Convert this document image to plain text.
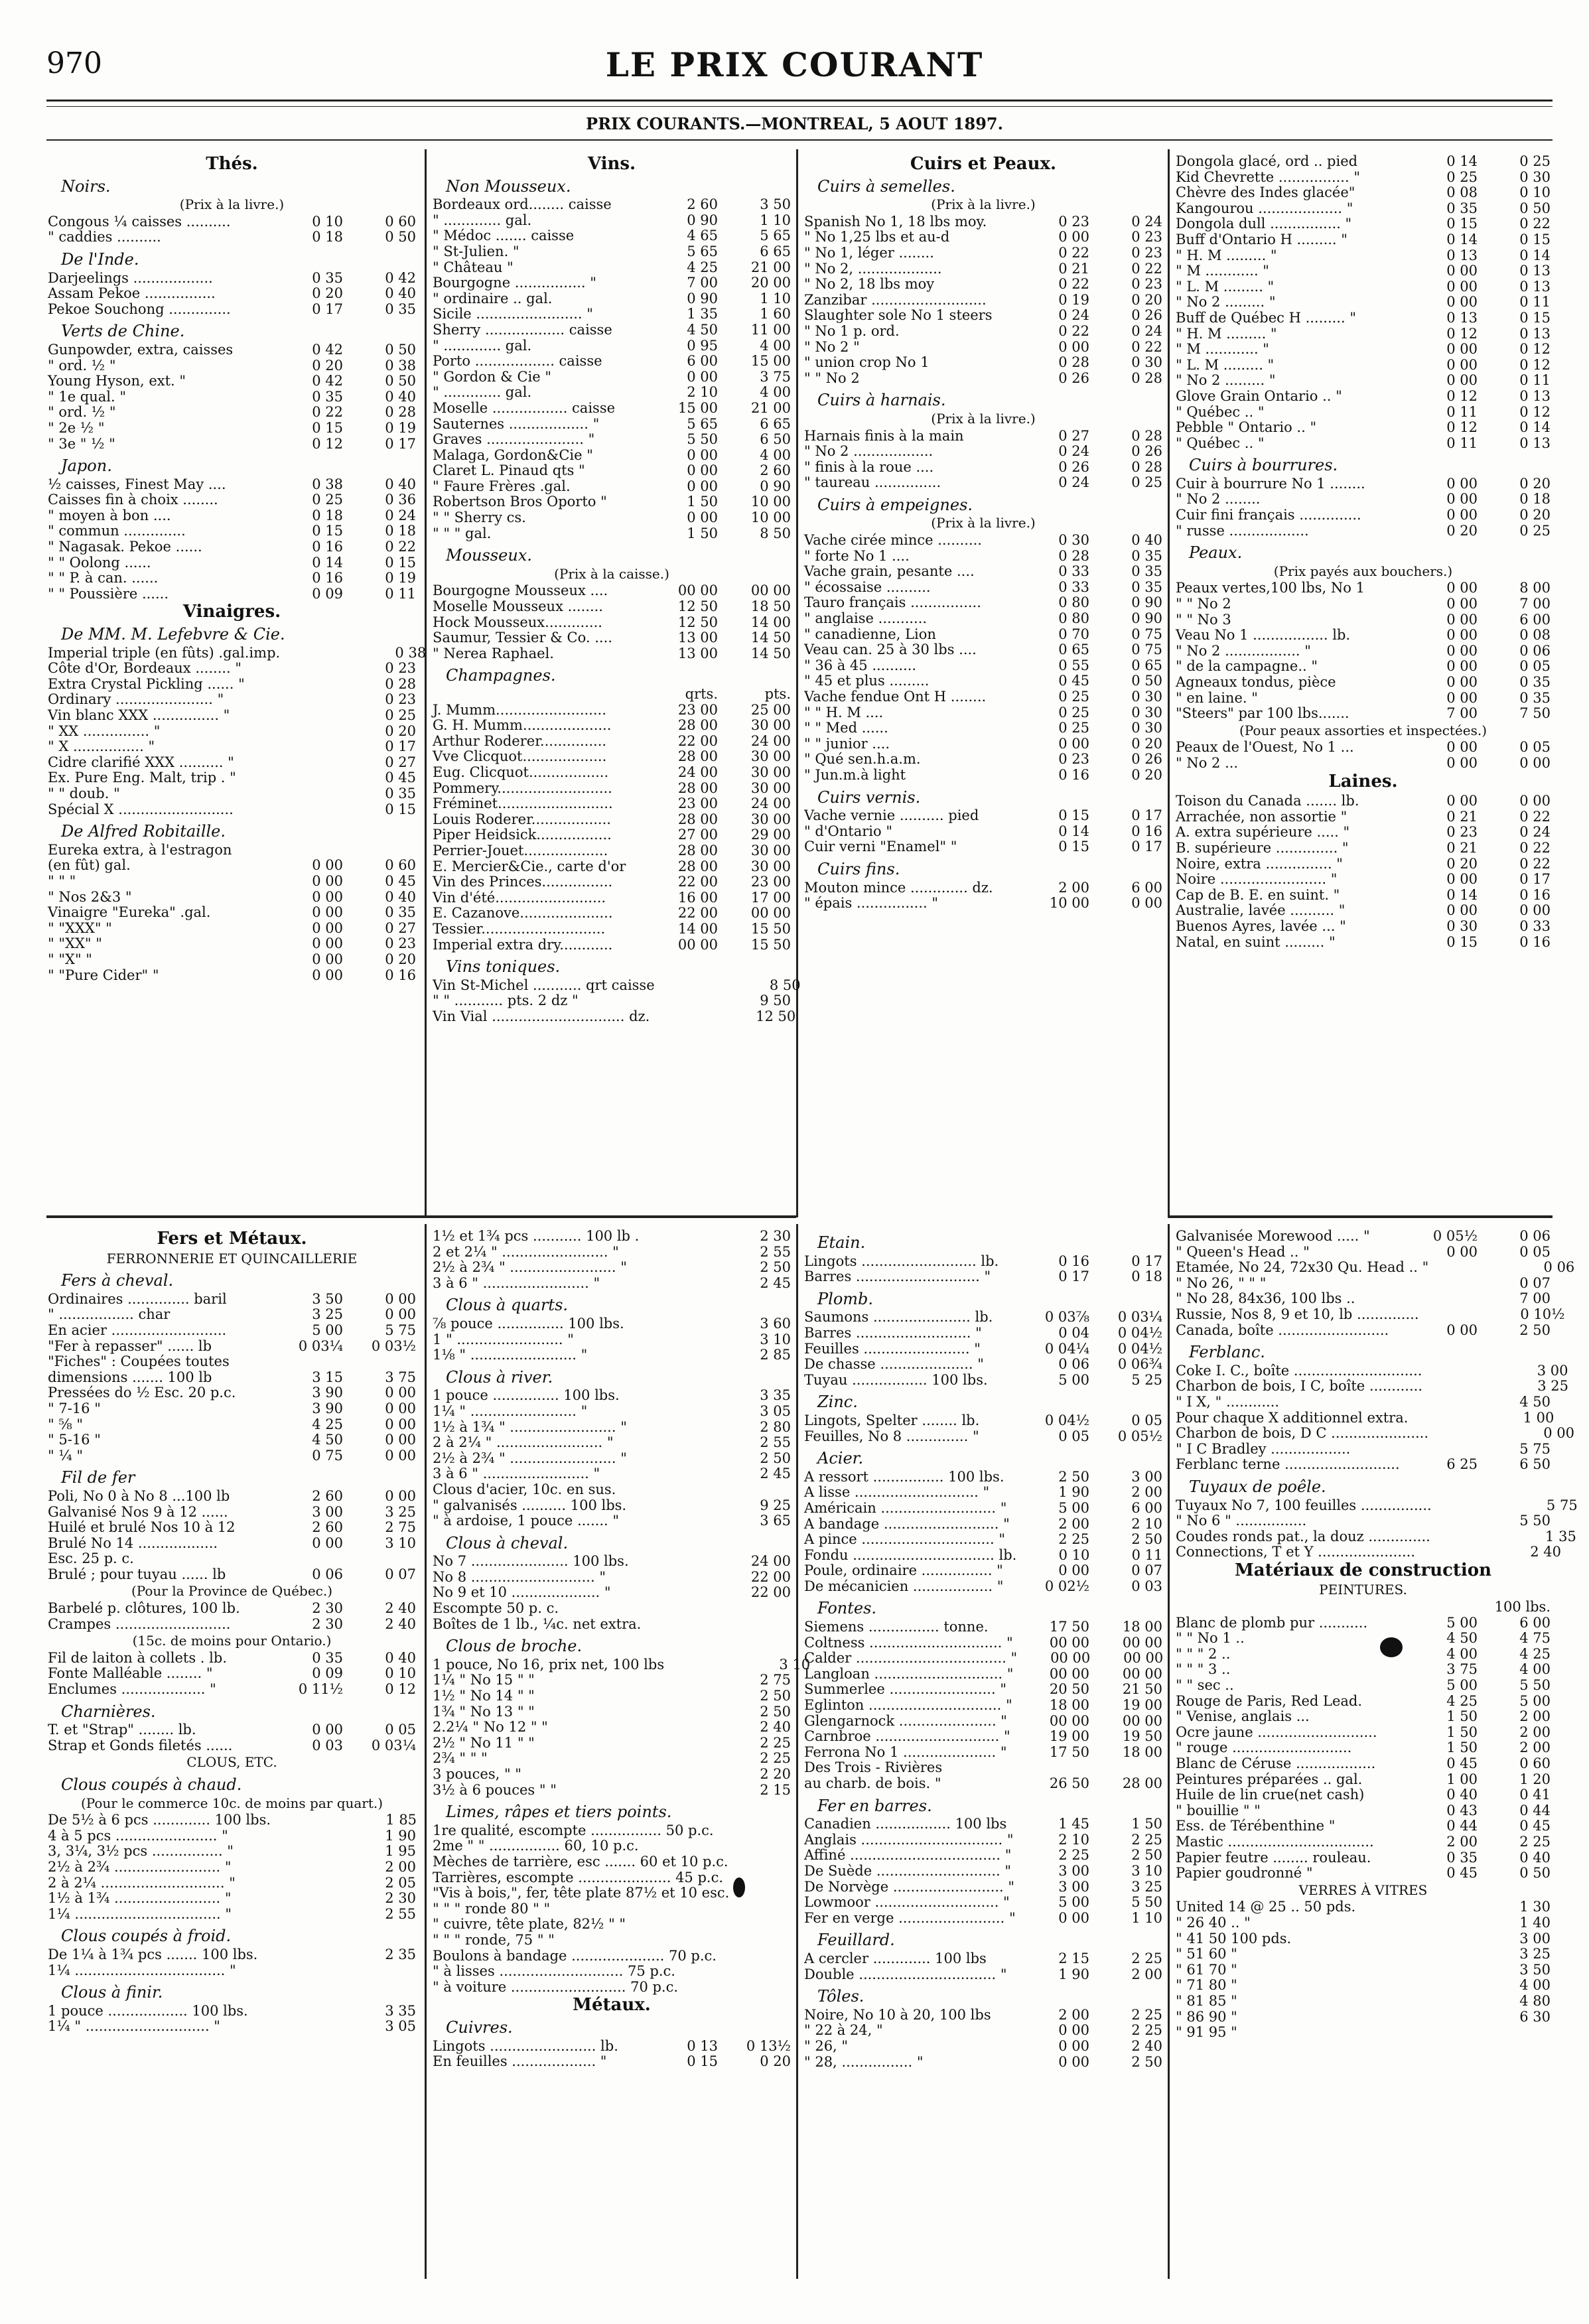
970	LE PRIX COURANT
PRIX COURANTS.—MONTREAL, 5 AOUT 1897.
Thés.
Noirs.
(Prix à la livre.)
Congous ¼ caisses ..........	0 10	0 60
" caddies ..........	0 18	0 50
De l'Inde.
Darjeelings ..................	0 35	0 42
Assam Pekoe ................	0 20	0 40
Pekoe Souchong ..............	0 17	0 35
Verts de Chine.
Gunpowder, extra, caisses	0 42	0 50
" ord. ½ "	0 20	0 38
Young Hyson, ext. "	0 42	0 50
" 1e qual. "	0 35	0 40
" ord. ½ "	0 22	0 28
" 2e ½ "	0 15	0 19
" 3e " ½ "	0 12	0 17
Japon.
½ caisses, Finest May ....	0 38	0 40
Caisses fin à choix ........	0 25	0 36
" moyen à bon ....	0 18	0 24
" commun ..............	0 15	0 18
" Nagasak. Pekoe ......	0 16	0 22
" " Oolong ......	0 14	0 15
" " P. à can. ......	0 16	0 19
" " Poussière ......	0 09	0 11
Vinaigres.
De MM. M. Lefebvre & Cie.
Imperial triple (en fûts) .gal.imp.	0 38
Côte d'Or, Bordeaux ........ "	0 23
Extra Crystal Pickling ...... "	0 28
Ordinary ...................... "	0 23
Vin blanc XXX ............... "	0 25
" XX ............... "	0 20
" X ................ "	0 17
Cidre clarifié XXX .......... "	0 27
Ex. Pure Eng. Malt, trip . "	0 45
" " doub. "	0 35
Spécial X ..........................	0 15
De Alfred Robitaille.
Eureka extra, à l'estragon
(en fût) gal.	0 00	0 60
" " "	0 00	0 45
" Nos 2&3 "	0 00	0 40
Vinaigre "Eureka" .gal.	0 00	0 35
" "XXX" "	0 00	0 27
" "XX" "	0 00	0 23
" "X" "	0 00	0 20
" "Pure Cider" "	0 00	0 16
Vins.
Non Mousseux.
Bordeaux ord........ caisse	2 60	3 50
" ............. gal.	0 90	1 10
" Médoc ....... caisse	4 65	5 65
" St-Julien. "	5 65	6 65
" Château "	4 25	21 00
Bourgogne ................ "	7 00	20 00
" ordinaire .. gal.	0 90	1 10
Sicile ........................ "	1 35	1 60
Sherry .................. caisse	4 50	11 00
" ............. gal.	0 95	4 00
Porto .................. caisse	6 00	15 00
" Gordon & Cie "	0 00	3 75
" ............. gal.	2 10	4 00
Moselle ................. caisse	15 00	21 00
Sauternes .................. "	5 65	6 65
Graves ...................... "	5 50	6 50
Malaga, Gordon&Cie "	0 00	4 00
Claret L. Pinaud qts "	0 00	2 60
" Faure Frères .gal.	0 00	0 90
Robertson Bros Oporto "	1 50	10 00
" " Sherry cs.	0 00	10 00
" " " gal.	1 50	8 50
Mousseux.
(Prix à la caisse.)
Bourgogne Mousseux ....	00 00	00 00
Moselle Mousseux ........	12 50	18 50
Hock Mousseux.............	12 50	14 00
Saumur, Tessier & Co. ....	13 00	14 50
" Nerea Raphael.	13 00	14 50
Champagnes.
qrts.	pts.
J. Mumm.........................	23 00	25 00
G. H. Mumm....................	28 00	30 00
Arthur Roderer...............	22 00	24 00
Vve Clicquot...................	28 00	30 00
Eug. Clicquot..................	24 00	30 00
Pommery..........................	28 00	30 00
Fréminet..........................	23 00	24 00
Louis Roderer..................	28 00	30 00
Piper Heidsick.................	27 00	29 00
Perrier-Jouet...................	28 00	30 00
E. Mercier&Cie., carte d'or	28 00	30 00
Vin des Princes................	22 00	23 00
Vin d'été.........................	16 00	17 00
E. Cazanove.....................	22 00	00 00
Tessier............................	14 00	15 50
Imperial extra dry............	00 00	15 50
Vins toniques.
Vin St-Michel ........... qrt caisse	8 50
" " ........... pts. 2 dz "	9 50
Vin Vial .............................. dz.	12 50
Cuirs et Peaux.
Cuirs à semelles.
(Prix à la livre.)
Spanish No 1, 18 lbs moy.	0 23	0 24
" No 1,25 lbs et au-d	0 00	0 23
" No 1, léger ........	0 22	0 23
" No 2, ...................	0 21	0 22
" No 2, 18 lbs moy	0 22	0 23
Zanzibar ..........................	0 19	0 20
Slaughter sole No 1 steers	0 24	0 26
" No 1 p. ord.	0 22	0 24
" No 2 "	0 00	0 22
" union crop No 1	0 28	0 30
" " No 2	0 26	0 28
Cuirs à harnais.
(Prix à la livre.)
Harnais finis à la main	0 27	0 28
" No 2 ..................	0 24	0 26
" finis à la roue ....	0 26	0 28
" taureau ...............	0 24	0 25
Cuirs à empeignes.
(Prix à la livre.)
Vache cirée mince ..........	0 30	0 40
" forte No 1 ....	0 28	0 35
Vache grain, pesante ....	0 33	0 35
" écossaise ..........	0 33	0 35
Tauro français ................	0 80	0 90
" anglaise ...........	0 80	0 90
" canadienne, Lion	0 70	0 75
Veau can. 25 à 30 lbs ....	0 65	0 75
" 36 à 45 ..........	0 55	0 65
" 45 et plus .........	0 45	0 50
Vache fendue Ont H ........	0 25	0 30
" " H. M ....	0 25	0 30
" " Med ......	0 25	0 30
" " junior ....	0 00	0 20
" Qué sen.h.a.m.	0 23	0 26
" Jun.m.à light	0 16	0 20
Cuirs vernis.
Vache vernie .......... pied	0 15	0 17
" d'Ontario "	0 14	0 16
Cuir verni "Enamel" "	0 15	0 17
Cuirs fins.
Mouton mince ............. dz.	2 00	6 00
" épais ................ "	10 00	0 00
Dongola glacé, ord .. pied	0 14	0 25
Kid Chevrette ................ "	0 25	0 30
Chèvre des Indes glacée"	0 08	0 10
Kangourou ................... "	0 35	0 50
Dongola dull ................ "	0 15	0 22
Buff d'Ontario H ......... "	0 14	0 15
" H. M ......... "	0 13	0 14
" M ............ "	0 00	0 13
" L. M ......... "	0 00	0 13
" No 2 ......... "	0 00	0 11
Buff de Québec H ......... "	0 13	0 15
" H. M ......... "	0 12	0 13
" M ............ "	0 00	0 12
" L. M ......... "	0 00	0 12
" No 2 ......... "	0 00	0 11
Glove Grain Ontario .. "	0 12	0 13
" Québec .. "	0 11	0 12
Pebble " Ontario .. "	0 12	0 14
" Québec .. "	0 11	0 13
Cuirs à bourrures.
Cuir à bourrure No 1 ........	0 00	0 20
" No 2 ........	0 00	0 18
Cuir fini français ..............	0 00	0 20
" russe ..................	0 20	0 25
Peaux.
(Prix payés aux bouchers.)
Peaux vertes,100 lbs, No 1	0 00	8 00
" " No 2	0 00	7 00
" " No 3	0 00	6 00
Veau No 1 ................. lb.	0 00	0 08
" No 2 ................. "	0 00	0 06
" de la campagne.. "	0 00	0 05
Agneaux tondus, pièce	0 00	0 35
" en laine. "	0 00	0 35
"Steers" par 100 lbs.......	7 00	7 50
(Pour peaux assorties et inspectées.)
Peaux de l'Ouest, No 1 ...	0 00	0 05
" No 2 ...	0 00	0 00
Laines.
Toison du Canada ....... lb.	0 00	0 00
Arrachée, non assortie "	0 21	0 22
A. extra supérieure ..... "	0 23	0 24
B. supérieure .............. "	0 21	0 22
Noire, extra ............... "	0 20	0 22
Noire ........................ "	0 00	0 17
Cap de B. E. en suint. "	0 14	0 16
Australie, lavée .......... "	0 00	0 00
Buenos Ayres, lavée ... "	0 30	0 33
Natal, en suint ......... "	0 15	0 16
Fers et Métaux.
FERRONNERIE ET QUINCAILLERIE
Fers à cheval.
Ordinaires .............. baril	3 50	0 00
" ................. char	3 25	0 00
En acier ..........................	5 00	5 75
"Fer à repasser" ...... lb	0 03¼	0 03½
"Fiches" : Coupées toutes
dimensions ....... 100 lb	3 15	3 75
Pressées do ½ Esc. 20 p.c.	3 90	0 00
" 7-16 "	3 90	0 00
" ⅝ "	4 25	0 00
" 5-16 "	4 50	0 00
" ¼ "	0 75	0 00
Fil de fer
Poli, No 0 à No 8 ...100 lb	2 60	0 00
Galvanisé Nos 9 à 12 ......	3 00	3 25
Huilé et brulé Nos 10 à 12	2 60	2 75
Brulé No 14 ..................	0 00	3 10
Esc. 25 p. c.
Brulé ; pour tuyau ...... lb	0 06	0 07
(Pour la Province de Québec.)
Barbelé p. clôtures, 100 lb.	2 30	2 40
Crampes ..........................	2 30	2 40
(15c. de moins pour Ontario.)
Fil de laiton à collets . lb.	0 35	0 40
Fonte Malléable ........ "	0 09	0 10
Enclumes ................... "	0 11½	0 12
Charnières.
T. et "Strap" ........ lb.	0 00	0 05
Strap et Gonds filetés ......	0 03	0 03¼
CLOUS, ETC.
Clous coupés à chaud.
(Pour le commerce 10c. de moins par quart.)
De 5½ à 6 pcs ............. 100 lbs.	1 85
4 à 5 pcs ....................... "	1 90
3, 3¼, 3½ pcs ................ "	1 95
2½ à 2¾ ........................ "	2 00
2 à 2¼ ............................ "	2 05
1½ à 1¾ ........................ "	2 30
1¼ ................................. "	2 55
Clous coupés à froid.
De 1¼ à 1¾ pcs ....... 100 lbs.	2 35
1¼ .................................. "
Clous à finir.
1 pouce .................. 100 lbs.	3 35
1¼ " ............................ "	3 05
1½ et 1¾ pcs ........... 100 lb .	2 30
2 et 2¼ " ........................ "	2 55
2½ à 2¾ " ........................ "	2 50
3 à 6 " ........................ "	2 45
Clous à quarts.
⅞ pouce ............... 100 lbs.	3 60
1 " ........................ "	3 10
1⅛ " ........................ "	2 85
Clous à river.
1 pouce ............... 100 lbs.	3 35
1¼ " ........................ "	3 05
1½ à 1¾ " ........................ "	2 80
2 à 2¼ " ........................ "	2 55
2½ à 2¾ " ........................ "	2 50
3 à 6 " ........................ "	2 45
Clous d'acier, 10c. en sus.
" galvanisés .......... 100 lbs.	9 25
" à ardoise, 1 pouce ....... "	3 65
Clous à cheval.
No 7 ...................... 100 lbs.	24 00
No 8 ............................ "	22 00
No 9 et 10 .................... "	22 00
Escompte 50 p. c.
Boîtes de 1 lb., ¼c. net extra.
Clous de broche.
1 pouce, No 16, prix net, 100 lbs	3 10
1¼ " No 15 " "	2 75
1½ " No 14 " "	2 50
1¾ " No 13 " "	2 50
2.2¼ " No 12 " "	2 40
2½ " No 11 " "	2 25
2¾ " " "	2 25
3 pouces, " "	2 20
3½ à 6 pouces " "	2 15
Limes, râpes et tiers points.
1re qualité, escompte ................ 50 p.c.
2me " " ................ 60, 10 p.c.
Mèches de tarrière, esc ....... 60 et 10 p.c.
Tarrières, escompte ..................... 45 p.c.
"Vis à bois,", fer, tête plate 87½ et 10 esc.
" " " ronde 80 " "
" cuivre, tête plate, 82½ " "
" " " ronde, 75 " "
Boulons à bandage ..................... 70 p.c.
" à lisses ............................ 75 p.c.
" à voiture .......................... 70 p.c.
Métaux.
Cuivres.
Lingots ........................ lb.	0 13	0 13½
En feuilles ................... "	0 15	0 20
Etain.
Lingots .......................... lb.	0 16	0 17
Barres ............................ "	0 17	0 18
Plomb.
Saumons ...................... lb.	0 03⅞	0 03¼
Barres .......................... "	0 04	0 04½
Feuilles ........................ "	0 04¼	0 04½
De chasse ..................... "	0 06	0 06¾
Tuyau ................. 100 lbs.	5 00	5 25
Zinc.
Lingots, Spelter ........ lb.	0 04½	0 05
Feuilles, No 8 .............. "	0 05	0 05½
Acier.
A ressort ................ 100 lbs.	2 50	3 00
A lisse ............................ "	1 90	2 00
Américain .......................... "	5 00	6 00
A bandage .......................... "	2 00	2 10
A pince .............................. "	2 25	2 50
Fondu ................................ lb.	0 10	0 11
Poule, ordinaire ................ "	0 00	0 07
De mécanicien .................. "	0 02½	0 03
Fontes.
Siemens ................ tonne.	17 50	18 00
Coltness .............................. "	00 00	00 00
Calder .................................. "	00 00	00 00
Langloan ............................. "	00 00	00 00
Summerlee ........................ "	20 50	21 50
Eglinton .............................. "	18 00	19 00
Glengarnock ...................... "	00 00	00 00
Carnbroe ............................ "	19 00	19 50
Ferrona No 1 ..................... "	17 50	18 00
Des Trois - Rivières
au charb. de bois. "	26 50	28 00
Fer en barres.
Canadien ................. 100 lbs	1 45	1 50
Anglais ................................ "	2 10	2 25
Affiné .................................. "	2 25	2 50
De Suède ............................ "	3 00	3 10
De Norvège ......................... "	3 00	3 25
Lowmoor ............................ "	5 00	5 50
Fer en verge ........................ "	0 00	1 10
Feuillard.
A cercler ............. 100 lbs	2 15	2 25
Double ............................... "	1 90	2 00
Tôles.
Noire, No 10 à 20, 100 lbs	2 00	2 25
" 22 à 24, "	0 00	2 25
" 26, "	0 00	2 40
" 28, ................ "	0 00	2 50
Galvanisée Morewood ..... "	0 05½	0 06
" Queen's Head .. "	0 00	0 05
Etamée, No 24, 72x30 Qu. Head .. "	0 06
" No 26, " " "	0 07
" No 28, 84x36, 100 lbs ..	7 00
Russie, Nos 8, 9 et 10, lb ..............	0 10½
Canada, boîte .........................	0 00	2 50
Ferblanc.
Coke I. C., boîte .............................	3 00
Charbon de bois, I C, boîte ............	3 25
" I X, " ............	4 50
Pour chaque X additionnel extra.	1 00
Charbon de bois, D C ......................	0 00
" I C Bradley ..................	5 75
Ferblanc terne ..........................	6 25	6 50
Tuyaux de poêle.
Tuyaux No 7, 100 feuilles ................	5 75
" No 6 " ................	5 50
Coudes ronds pat., la douz ..............	1 35
Connections, T et Y ......................	2 40
Matériaux de construction
PEINTURES.
100 lbs.
Blanc de plomb pur ...........	5 00	6 00
" " No 1 ..	4 50	4 75
" " " 2 ..	4 00	4 25
" " " 3 ..	3 75	4 00
" " sec ..	5 00	5 50
Rouge de Paris, Red Lead.	4 25	5 00
" Venise, anglais ...	1 50	2 00
Ocre jaune ...........................	1 50	2 00
" rouge ...........................	1 50	2 00
Blanc de Céruse ..................	0 45	0 60
Peintures préparées .. gal.	1 00	1 20
Huile de lin crue(net cash)	0 40	0 41
" bouillie " "	0 43	0 44
Ess. de Térébenthine "	0 44	0 45
Mastic .................................	2 00	2 25
Papier feutre ........ rouleau.	0 35	0 40
Papier goudronné "	0 45	0 50
VERRES À VITRES
United 14 @ 25 .. 50 pds.	1 30
" 26 40 .. "	1 40
" 41 50 100 pds.	3 00
" 51 60 "	3 25
" 61 70 "	3 50
" 71 80 "	4 00
" 81 85 "	4 80
" 86 90 "	6 30
" 91 95 "
